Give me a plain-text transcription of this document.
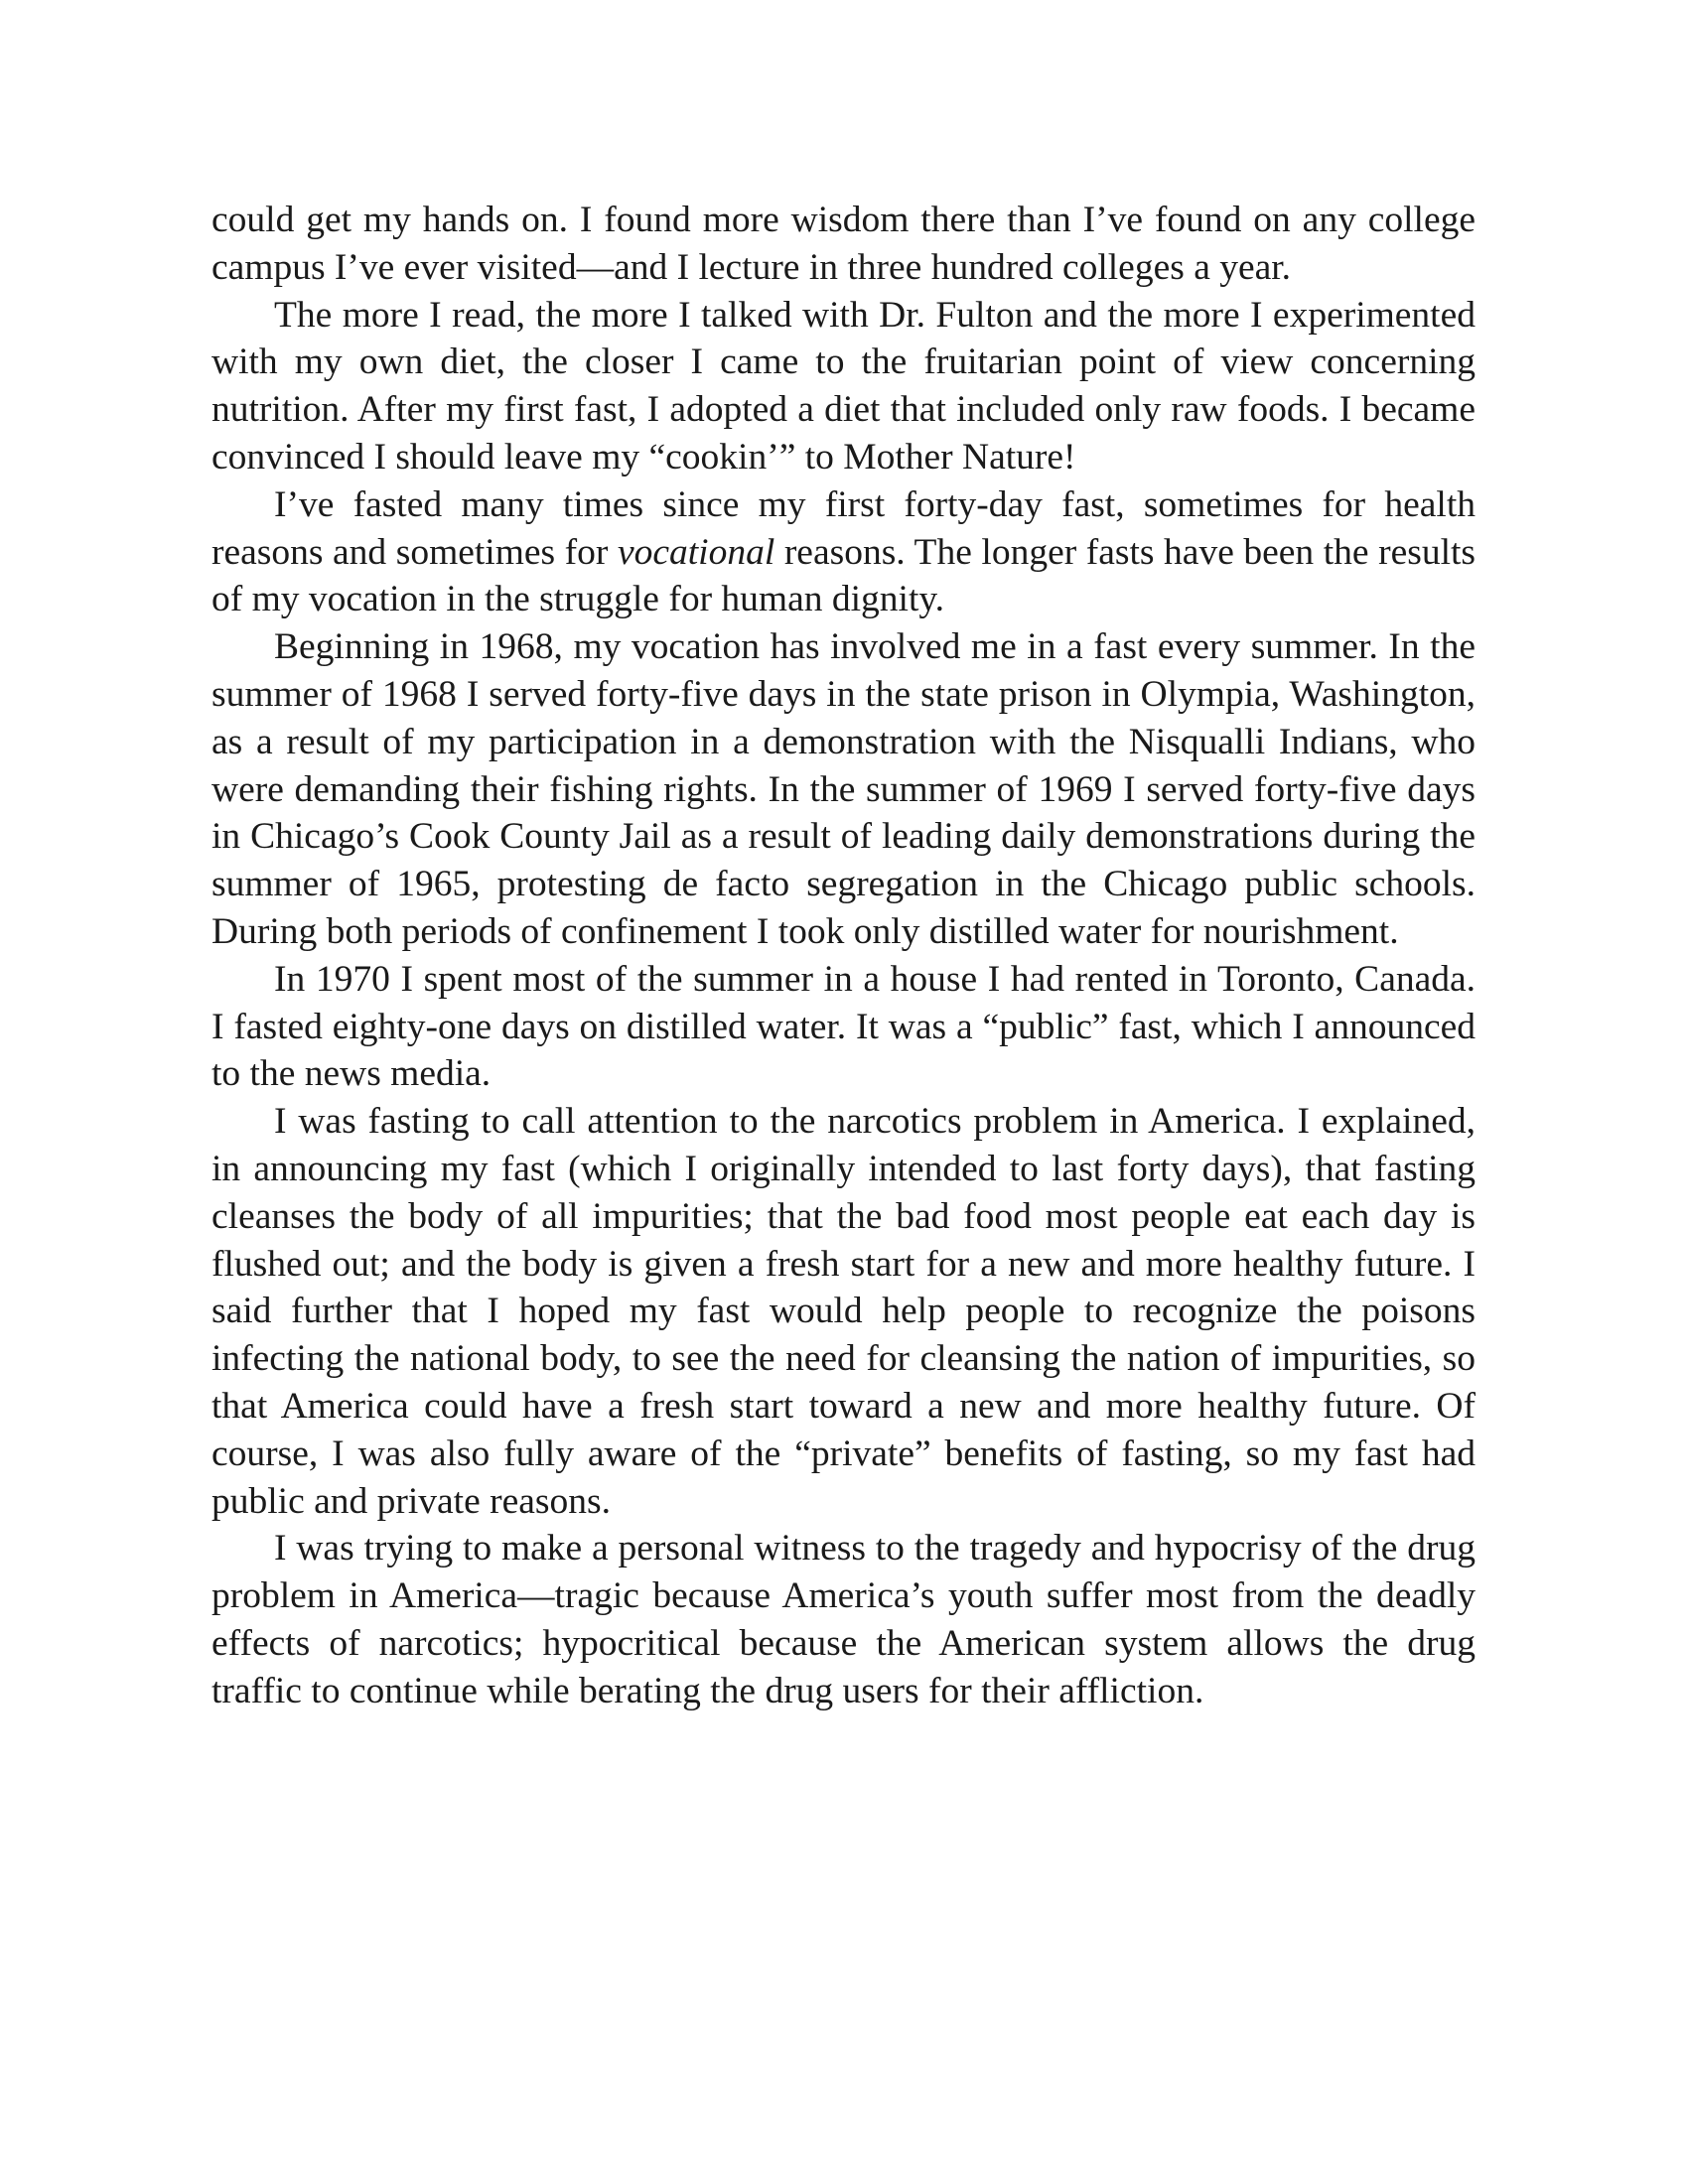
could get my hands on. I found more wisdom there than I’ve found on any college campus I’ve ever visited—and I lecture in three hundred colleges a year.

The more I read, the more I talked with Dr. Fulton and the more I experimented with my own diet, the closer I came to the fruitarian point of view concerning nutrition. After my first fast, I adopted a diet that included only raw foods. I became convinced I should leave my “cookin’” to Mother Nature!

I’ve fasted many times since my first forty-day fast, sometimes for health reasons and sometimes for vocational reasons. The longer fasts have been the results of my vocation in the struggle for human dignity.

Beginning in 1968, my vocation has involved me in a fast every summer. In the summer of 1968 I served forty-five days in the state prison in Olympia, Washington, as a result of my participation in a demonstration with the Nisqualli Indians, who were demanding their fishing rights. In the summer of 1969 I served forty-five days in Chicago’s Cook County Jail as a result of leading daily demonstrations during the summer of 1965, protesting de facto segregation in the Chicago public schools. During both periods of confinement I took only distilled water for nourishment.

In 1970 I spent most of the summer in a house I had rented in Toronto, Canada. I fasted eighty-one days on distilled water. It was a “public” fast, which I announced to the news media.

I was fasting to call attention to the narcotics problem in America. I explained, in announcing my fast (which I originally intended to last forty days), that fasting cleanses the body of all impurities; that the bad food most people eat each day is flushed out; and the body is given a fresh start for a new and more healthy future. I said further that I hoped my fast would help people to recognize the poisons infecting the national body, to see the need for cleansing the nation of impurities, so that America could have a fresh start toward a new and more healthy future. Of course, I was also fully aware of the “private” benefits of fasting, so my fast had public and private reasons.

I was trying to make a personal witness to the tragedy and hypocrisy of the drug problem in America—tragic because America’s youth suffer most from the deadly effects of narcotics; hypocritical because the American system allows the drug traffic to continue while berating the drug users for their affliction.
